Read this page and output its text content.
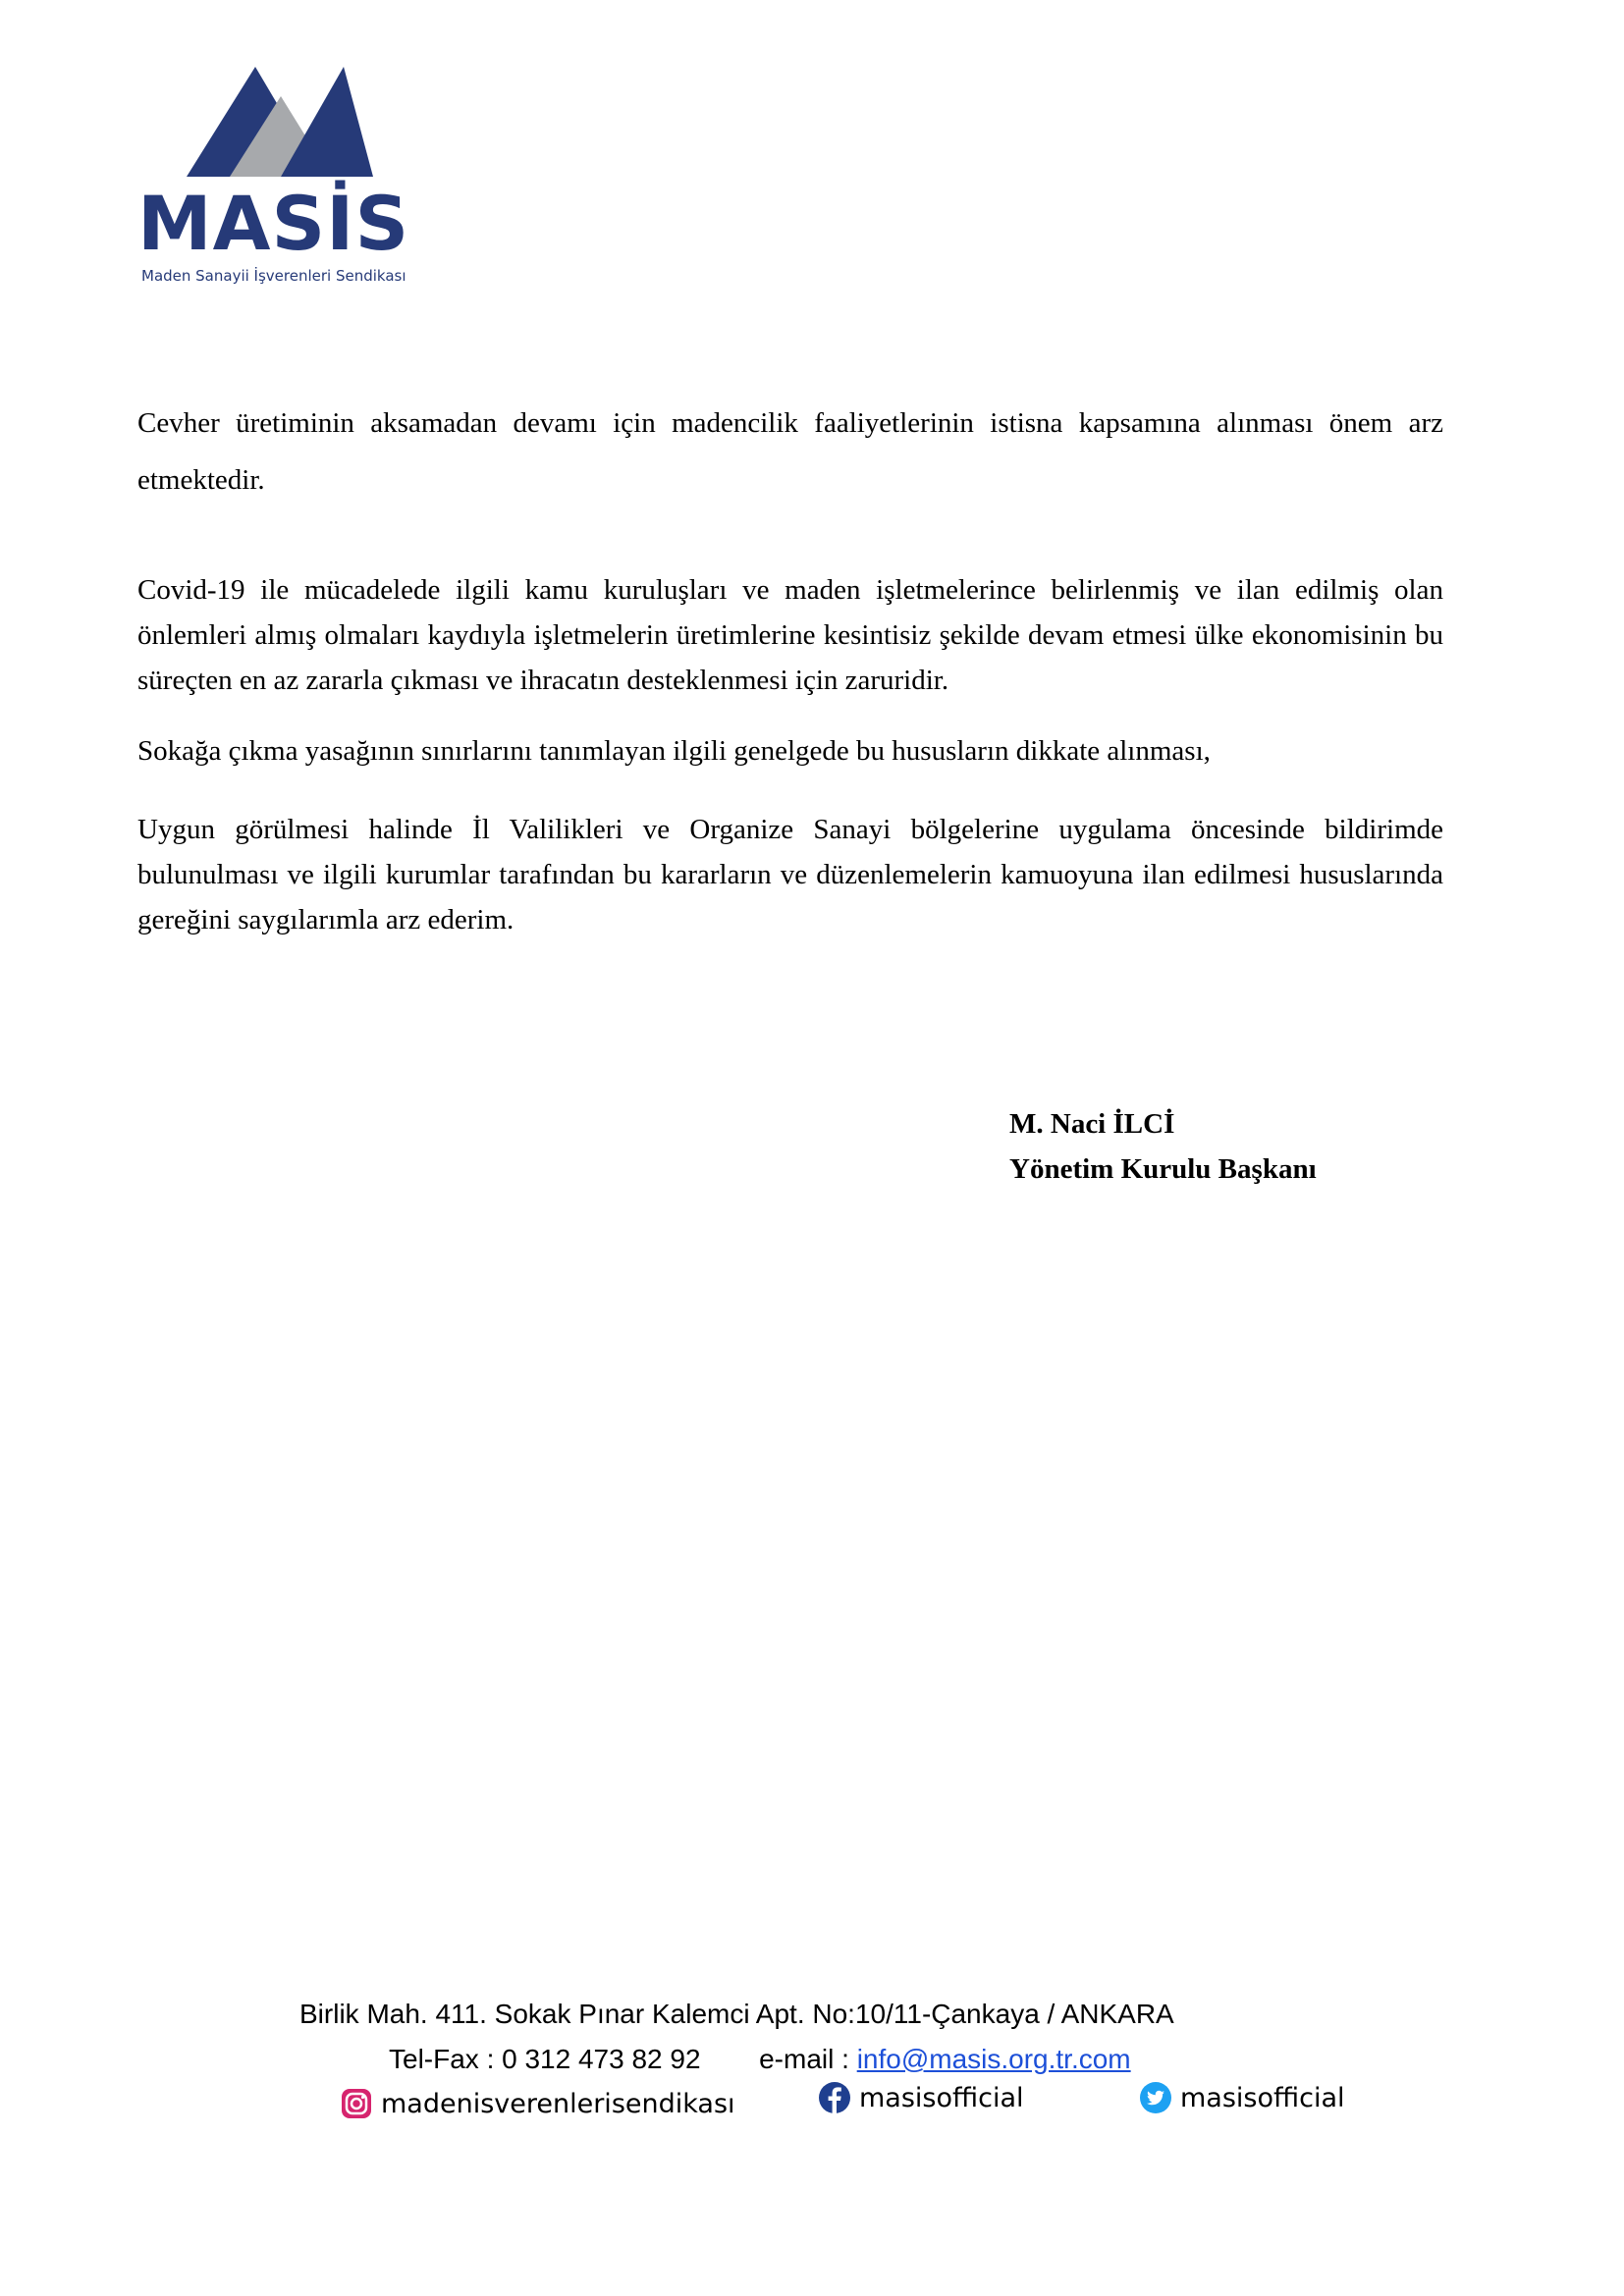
MASİS
Maden Sanayii İşverenleri Sendikası

Cevher üretiminin aksamadan devamı için madencilik faaliyetlerinin istisna kapsamına alınması önem arz etmektedir.

Covid-19 ile mücadelede ilgili kamu kuruluşları ve maden işletmelerince belirlenmiş ve ilan edilmiş olan önlemleri almış olmaları kaydıyla işletmelerin üretimlerine kesintisiz şekilde devam etmesi ülke ekonomisinin bu süreçten en az zararla çıkması ve ihracatın desteklenmesi için zaruridir.

Sokağa çıkma yasağının sınırlarını tanımlayan ilgili genelgede bu hususların dikkate alınması,

Uygun görülmesi halinde İl Valilikleri ve Organize Sanayi bölgelerine uygulama öncesinde bildirimde bulunulması ve ilgili kurumlar tarafından bu kararların ve düzenlemelerin kamuoyuna ilan edilmesi hususlarında gereğini saygılarımla arz ederim.

M. Naci İLCİ
Yönetim Kurulu Başkanı
Birlik Mah. 411. Sokak Pınar Kalemci Apt. No:10/11-Çankaya / ANKARA
Tel-Fax : 0 312 473 82 92 e-mail : info@masis.org.tr.com
madenisverenlerisendikası	masisofficial	masisofficial
